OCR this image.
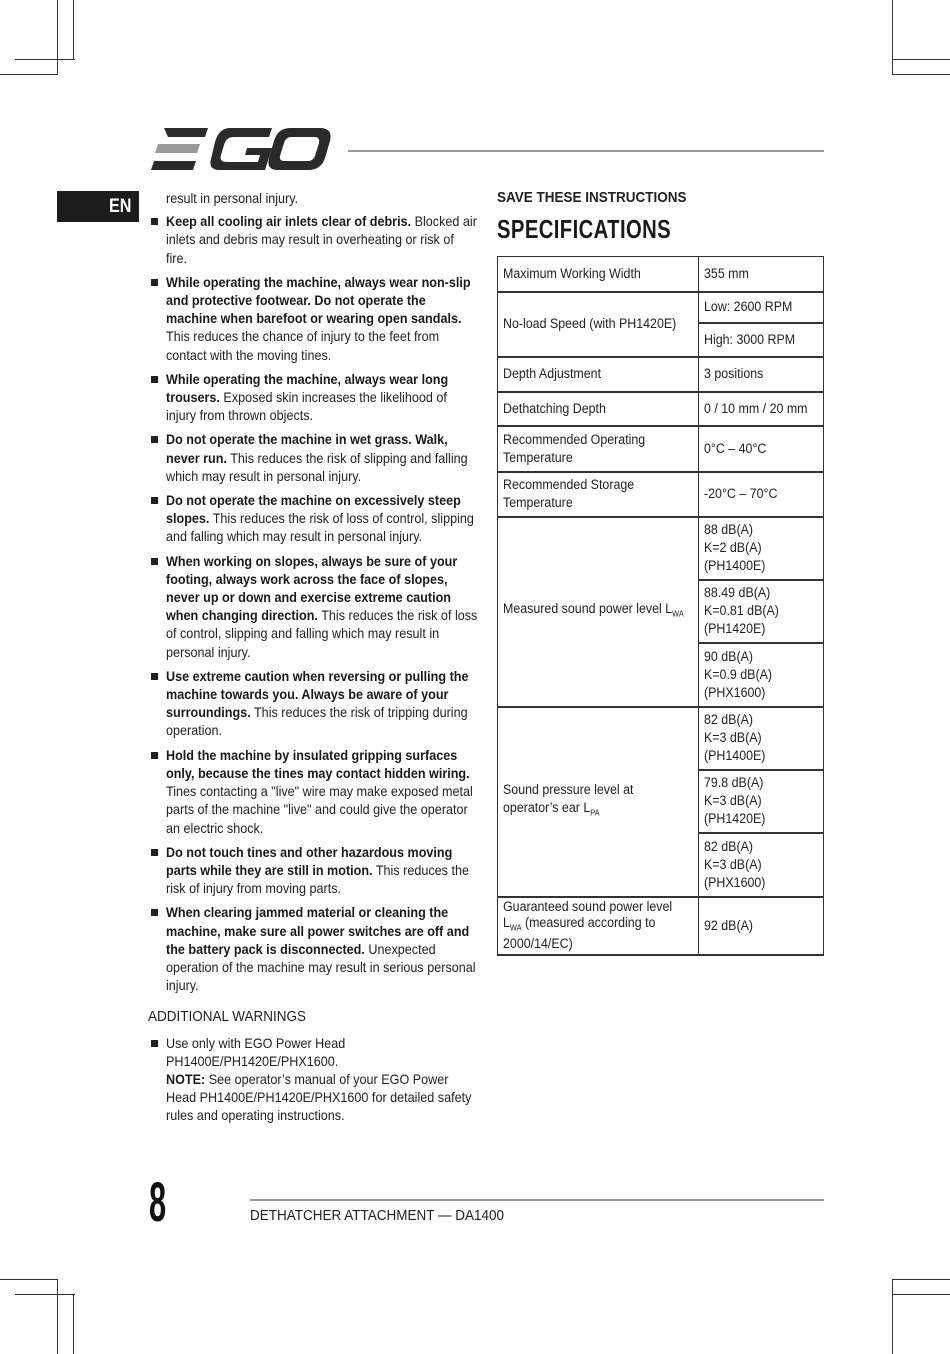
EN	result in personal injury.
Keep all cooling air inlets clear of debris. Blocked air inlets and debris may result in overheating or risk of fire.
While operating the machine, always wear non-slip and protective footwear. Do not operate the machine when barefoot or wearing open sandals. This reduces the chance of injury to the feet from contact with the moving tines.
While operating the machine, always wear long trousers. Exposed skin increases the likelihood of injury from thrown objects.
Do not operate the machine in wet grass. Walk, never run. This reduces the risk of slipping and falling which may result in personal injury.
Do not operate the machine on excessively steep slopes. This reduces the risk of loss of control, slipping and falling which may result in personal injury.
When working on slopes, always be sure of your footing, always work across the face of slopes, never up or down and exercise extreme caution when changing direction. This reduces the risk of loss of control, slipping and falling which may result in personal injury.
Use extreme caution when reversing or pulling the machine towards you. Always be aware of your surroundings. This reduces the risk of tripping during operation.
Hold the machine by insulated gripping surfaces only, because the tines may contact hidden wiring. Tines contacting a "live" wire may make exposed metal parts of the machine "live" and could give the operator an electric shock.
Do not touch tines and other hazardous moving parts while they are still in motion. This reduces the risk of injury from moving parts.
When clearing jammed material or cleaning the machine, make sure all power switches are off and the battery pack is disconnected. Unexpected operation of the machine may result in serious personal injury.
ADDITIONAL WARNINGS
Use only with EGO Power Head PH1400E/PH1420E/PHX1600.
NOTE: See operator’s manual of your EGO Power Head PH1400E/PH1420E/PHX1600 for detailed safety rules and operating instructions.
SAVE THESE INSTRUCTIONS
SPECIFICATIONS
Maximum Working Width	355 mm

No-load Speed (with PH1420E)	Low: 2600 RPM

	High: 3000 RPM

Depth Adjustment	3 positions

Dethatching Depth	0 / 10 mm / 20 mm

Recommended Operating Temperature	0°C – 40°C

Recommended Storage Temperature	-20°C – 70°C

Measured sound power level $L_{WA}$	88 dB(A)
K=2 dB(A)
(PH1400E)

	88.49 dB(A)
K=0.81 dB(A)
(PH1420E)

	90 dB(A)
K=0.9 dB(A)
(PHX1600)

Sound pressure level at
operator’s ear $L_{PA}$	82 dB(A)
K=3 dB(A)
(PH1400E)

	79.8 dB(A)
K=3 dB(A)
(PH1420E)

	82 dB(A)
K=3 dB(A)
(PHX1600)

Guaranteed sound power level
$L_{WA}$ (measured according to 2000/14/EC)	92 dB(A)
8	DETHATCHER ATTACHMENT — DA1400
